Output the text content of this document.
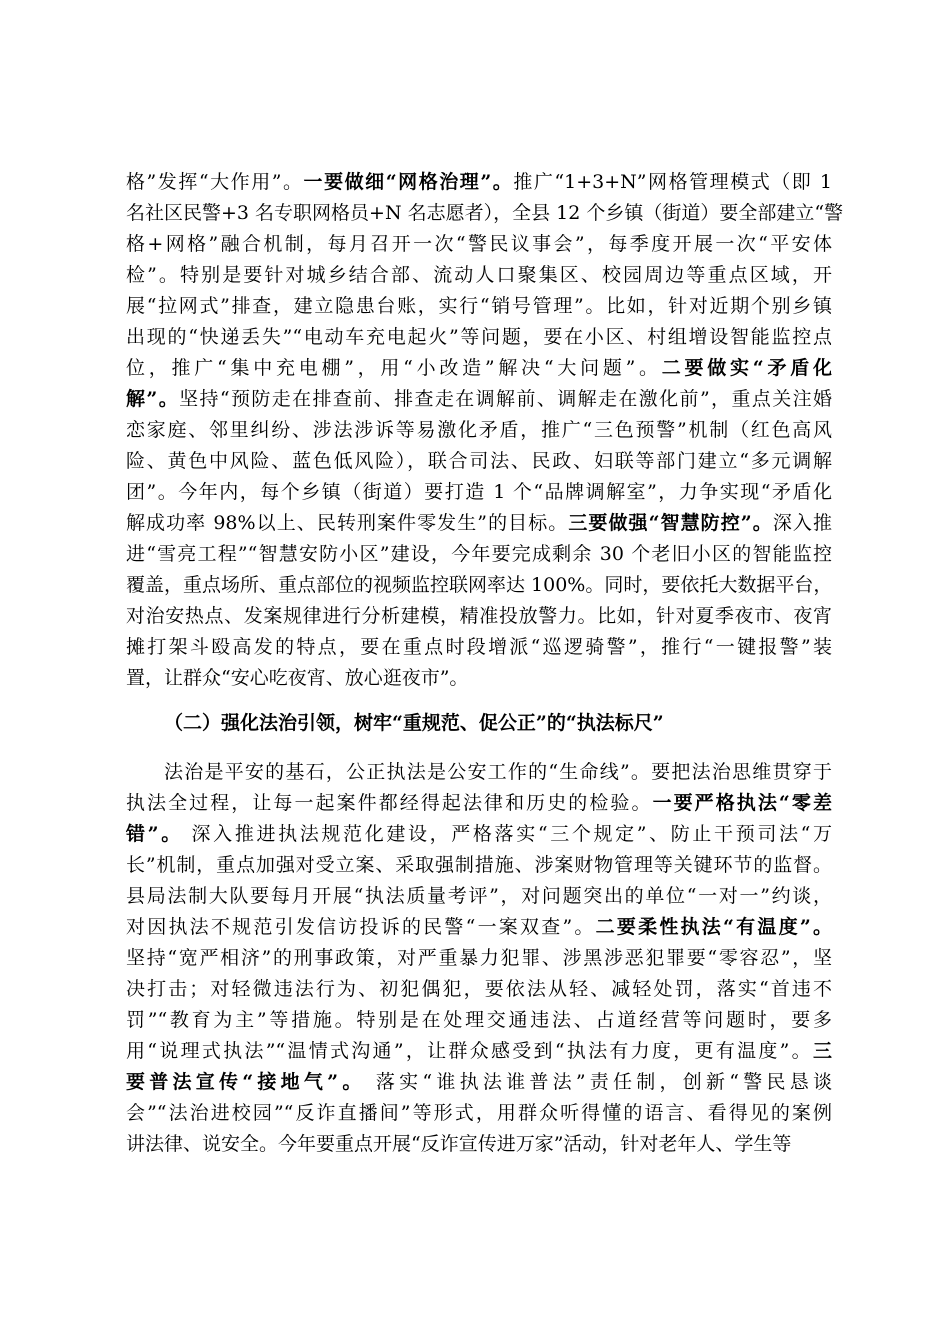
格”发挥“大作用”。一要做细“网格治理”。推广“1+3+N”网格管理模式（即 1
名社区民警+3 名专职网格员+N 名志愿者），全县 12 个乡镇（街道）要全部建立“警
格+网格”融合机制，每月召开一次“警民议事会”，每季度开展一次“平安体
检”。特别是要针对城乡结合部、流动人口聚集区、校园周边等重点区域，开
展“拉网式”排查，建立隐患台账，实行“销号管理”。比如，针对近期个别乡镇
出现的“快递丢失”“电动车充电起火”等问题，要在小区、村组增设智能监控点
位，推广“集中充电棚”，用“小改造”解决“大问题”。二要做实“矛盾化
解”。坚持“预防走在排查前、排查走在调解前、调解走在激化前”，重点关注婚
恋家庭、邻里纠纷、涉法涉诉等易激化矛盾，推广“三色预警”机制（红色高风
险、黄色中风险、蓝色低风险），联合司法、民政、妇联等部门建立“多元调解
团”。今年内，每个乡镇（街道）要打造 1 个“品牌调解室”，力争实现“矛盾化
解成功率 98%以上、民转刑案件零发生”的目标。三要做强“智慧防控”。深入推
进“雪亮工程”“智慧安防小区”建设，今年要完成剩余 30 个老旧小区的智能监控
覆盖，重点场所、重点部位的视频监控联网率达 100%。同时，要依托大数据平台，
对治安热点、发案规律进行分析建模，精准投放警力。比如，针对夏季夜市、夜宵
摊打架斗殴高发的特点，要在重点时段增派“巡逻骑警”，推行“一键报警”装
置，让群众“安心吃夜宵、放心逛夜市”。
（二）强化法治引领，树牢“重规范、促公正”的“执法标尺”
法治是平安的基石，公正执法是公安工作的“生命线”。要把法治思维贯穿于
执法全过程，让每一起案件都经得起法律和历史的检验。一要严格执法“零差
错”。 深入推进执法规范化建设，严格落实“三个规定”、防止干预司法“万
长”机制，重点加强对受立案、采取强制措施、涉案财物管理等关键环节的监督。
县局法制大队要每月开展“执法质量考评”，对问题突出的单位“一对一”约谈，
对因执法不规范引发信访投诉的民警“一案双查”。二要柔性执法“有温度”。
坚持“宽严相济”的刑事政策，对严重暴力犯罪、涉黑涉恶犯罪要“零容忍”，坚
决打击；对轻微违法行为、初犯偶犯，要依法从轻、减轻处罚，落实“首违不
罚”“教育为主”等措施。特别是在处理交通违法、占道经营等问题时，要多
用“说理式执法”“温情式沟通”，让群众感受到“执法有力度，更有温度”。三
要普法宣传“接地气”。 落实“谁执法谁普法”责任制，创新“警民恳谈
会”“法治进校园”“反诈直播间”等形式，用群众听得懂的语言、看得见的案例
讲法律、说安全。今年要重点开展“反诈宣传进万家”活动，针对老年人、学生等
